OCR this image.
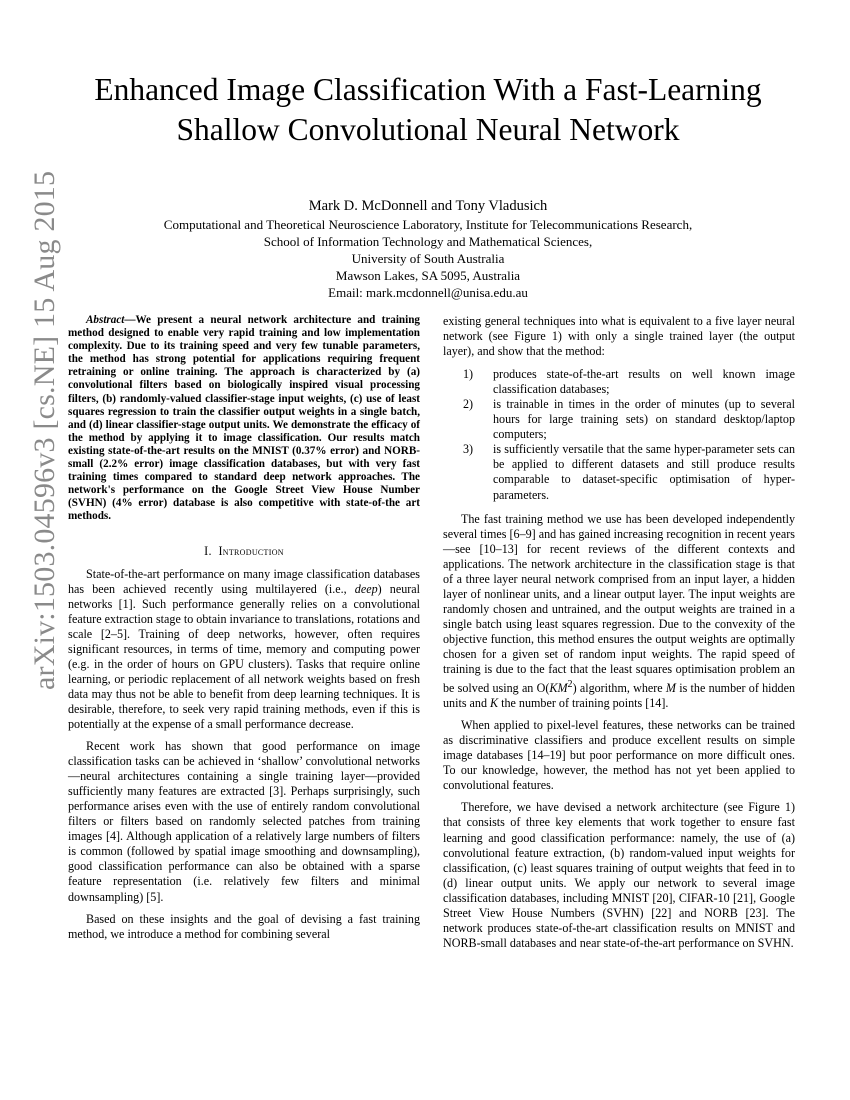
arXiv:1503.04596v3 [cs.NE] 15 Aug 2015
Enhanced Image Classification With a Fast-Learning
Shallow Convolutional Neural Network
Mark D. McDonnell and Tony Vladusich
Computational and Theoretical Neuroscience Laboratory, Institute for Telecommunications Research,
School of Information Technology and Mathematical Sciences,
University of South Australia
Mawson Lakes, SA 5095, Australia
Email: mark.mcdonnell@unisa.edu.au

Abstract—We present a neural network architecture and training method designed to enable very rapid training and low implementation complexity. Due to its training speed and very few tunable parameters, the method has strong potential for applications requiring frequent retraining or online training. The approach is characterized by (a) convolutional filters based on biologically inspired visual processing filters, (b) randomly-valued classifier-stage input weights, (c) use of least squares regression to train the classifier output weights in a single batch, and (d) linear classifier-stage output units. We demonstrate the efficacy of the method by applying it to image classification. Our results match existing state-of-the-art results on the MNIST (0.37% error) and NORB-small (2.2% error) image classification databases, but with very fast training times compared to standard deep network approaches. The network's performance on the Google Street View House Number (SVHN) (4% error) database is also competitive with state-of-the art methods.

I. Introduction

State-of-the-art performance on many image classification databases has been achieved recently using multilayered (i.e., deep) neural networks [1]. Such performance generally relies on a convolutional feature extraction stage to obtain invariance to translations, rotations and scale [2–5]. Training of deep networks, however, often requires significant resources, in terms of time, memory and computing power (e.g. in the order of hours on GPU clusters). Tasks that require online learning, or periodic replacement of all network weights based on fresh data may thus not be able to benefit from deep learning techniques. It is desirable, therefore, to seek very rapid training methods, even if this is potentially at the expense of a small performance decrease.

Recent work has shown that good performance on image classification tasks can be achieved in ‘shallow’ convolutional networks—neural architectures containing a single training layer—provided sufficiently many features are extracted [3]. Perhaps surprisingly, such performance arises even with the use of entirely random convolutional filters or filters based on randomly selected patches from training images [4]. Although application of a relatively large numbers of filters is common (followed by spatial image smoothing and downsampling), good classification performance can also be obtained with a sparse feature representation (i.e. relatively few filters and minimal downsampling) [5].

Based on these insights and the goal of devising a fast training method, we introduce a method for combining several

existing general techniques into what is equivalent to a five layer neural network (see Figure 1) with only a single trained layer (the output layer), and show that the method:

1)	produces state-of-the-art results on well known image classification databases;
2)	is trainable in times in the order of minutes (up to several hours for large training sets) on standard desktop/laptop computers;
3)	is sufficiently versatile that the same hyper-parameter sets can be applied to different datasets and still produce results comparable to dataset-specific optimisation of hyper-parameters.

The fast training method we use has been developed independently several times [6–9] and has gained increasing recognition in recent years—see [10–13] for recent reviews of the different contexts and applications. The network architecture in the classification stage is that of a three layer neural network comprised from an input layer, a hidden layer of nonlinear units, and a linear output layer. The input weights are randomly chosen and untrained, and the output weights are trained in a single batch using least squares regression. Due to the convexity of the objective function, this method ensures the output weights are optimally chosen for a given set of random input weights. The rapid speed of training is due to the fact that the least squares optimisation problem an be solved using an $O(KM^2)$ algorithm, where M is the number of hidden units and K the number of training points [14].

When applied to pixel-level features, these networks can be trained as discriminative classifiers and produce excellent results on simple image databases [14–19] but poor performance on more difficult ones. To our knowledge, however, the method has not yet been applied to convolutional features.

Therefore, we have devised a network architecture (see Figure 1) that consists of three key elements that work together to ensure fast learning and good classification performance: namely, the use of (a) convolutional feature extraction, (b) random-valued input weights for classification, (c) least squares training of output weights that feed in to (d) linear output units. We apply our network to several image classification databases, including MNIST [20], CIFAR-10 [21], Google Street View House Numbers (SVHN) [22] and NORB [23]. The network produces state-of-the-art classification results on MNIST and NORB-small databases and near state-of-the-art performance on SVHN.
